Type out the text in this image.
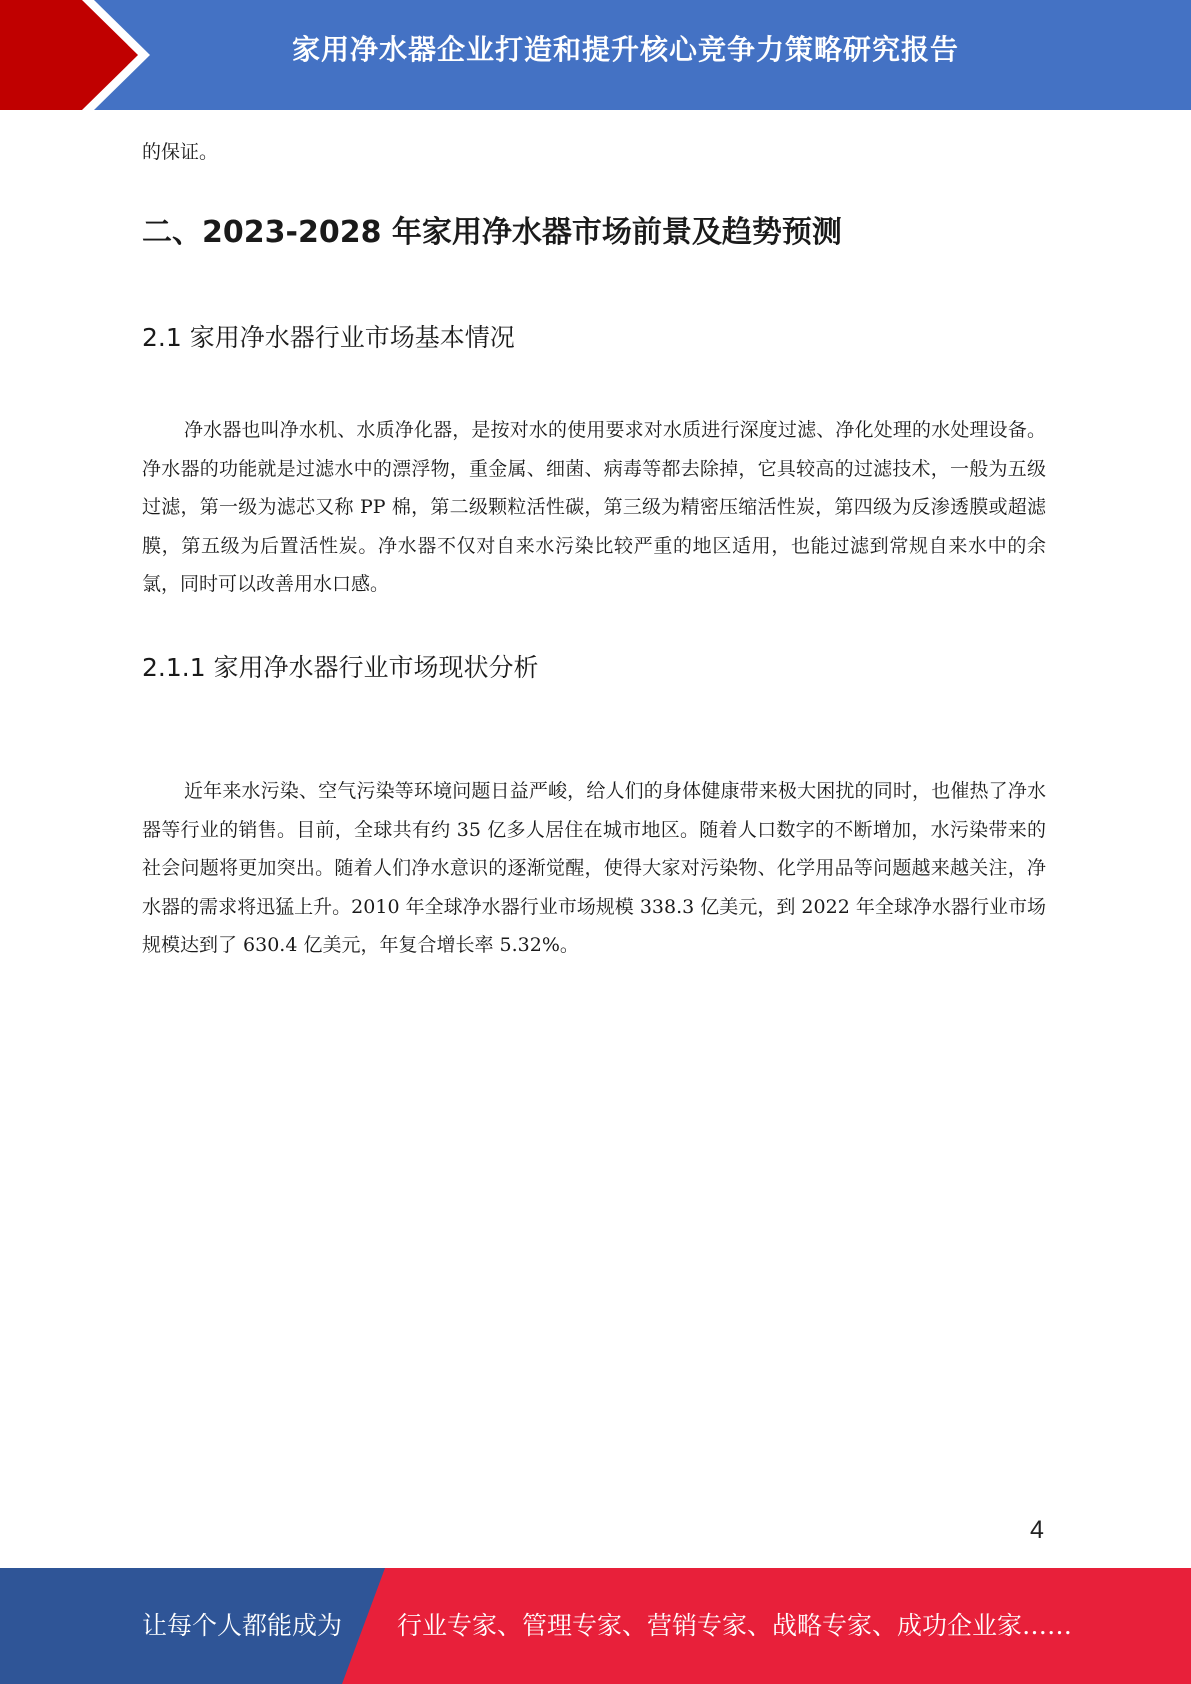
家用净水器企业打造和提升核心竞争力策略研究报告

的保证。

二、2023-2028 年家用净水器市场前景及趋势预测
2.1 家用净水器行业市场基本情况

净水器也叫净水机、水质净化器，是按对水的使用要求对水质进行深度过滤、净化处理的水处理设备。净水器的功能就是过滤水中的漂浮物，重金属、细菌、病毒等都去除掉，它具较高的过滤技术，一般为五级过滤，第一级为滤芯又称 PP 棉，第二级颗粒活性碳，第三级为精密压缩活性炭，第四级为反渗透膜或超滤膜，第五级为后置活性炭。净水器不仅对自来水污染比较严重的地区适用，也能过滤到常规自来水中的余氯，同时可以改善用水口感。

2.1.1 家用净水器行业市场现状分析

近年来水污染、空气污染等环境问题日益严峻，给人们的身体健康带来极大困扰的同时，也催热了净水器等行业的销售。目前，全球共有约 35 亿多人居住在城市地区。随着人口数字的不断增加，水污染带来的社会问题将更加突出。随着人们净水意识的逐渐觉醒，使得大家对污染物、化学用品等问题越来越关注，净水器的需求将迅猛上升。2010 年全球净水器行业市场规模 338.3 亿美元，到 2022 年全球净水器行业市场规模达到了 630.4 亿美元，年复合增长率 5.32%。

4
让每个人都能成为 行业专家、管理专家、营销专家、战略专家、成功企业家……
